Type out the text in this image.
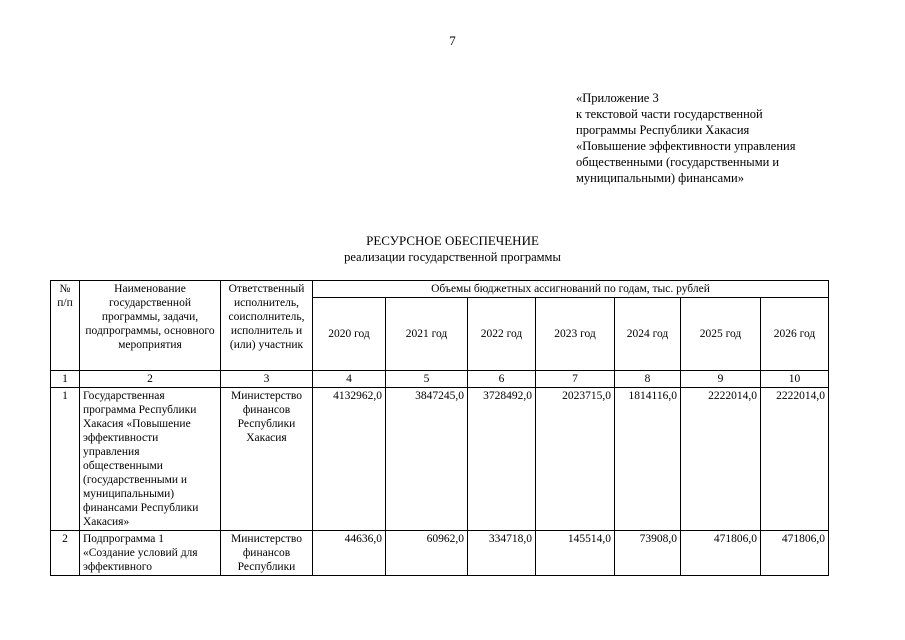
7
«Приложение 3
к текстовой части государственной
программы Республики Хакасия
«Повышение эффективности управления
общественными (государственными и
муниципальными) финансами»
РЕСУРСНОЕ ОБЕСПЕЧЕНИЕ
реализации государственной программы
№ п/п	Наименование государственной программы, задачи, подпрограммы, основного мероприятия	Ответственный исполнитель, соисполнитель, исполнитель и (или) участник	Объемы бюджетных ассигнований по годам, тыс. рублей						
			2020 год	2021 год	2022 год	2023 год	2024 год	2025 год	2026 год
1	2	3	4	5	6	7	8	9	10
1	Государственная программа Республики Хакасия «Повышение эффективности управления общественными (государственными и муниципальными) финансами Республики Хакасия»	Министерство финансов Республики Хакасия	4132962,0	3847245,0	3728492,0	2023715,0	1814116,0	2222014,0	2222014,0
2	Подпрограмма 1 «Создание условий для эффективного	Министерство финансов Республики	44636,0	60962,0	334718,0	145514,0	73908,0	471806,0	471806,0
